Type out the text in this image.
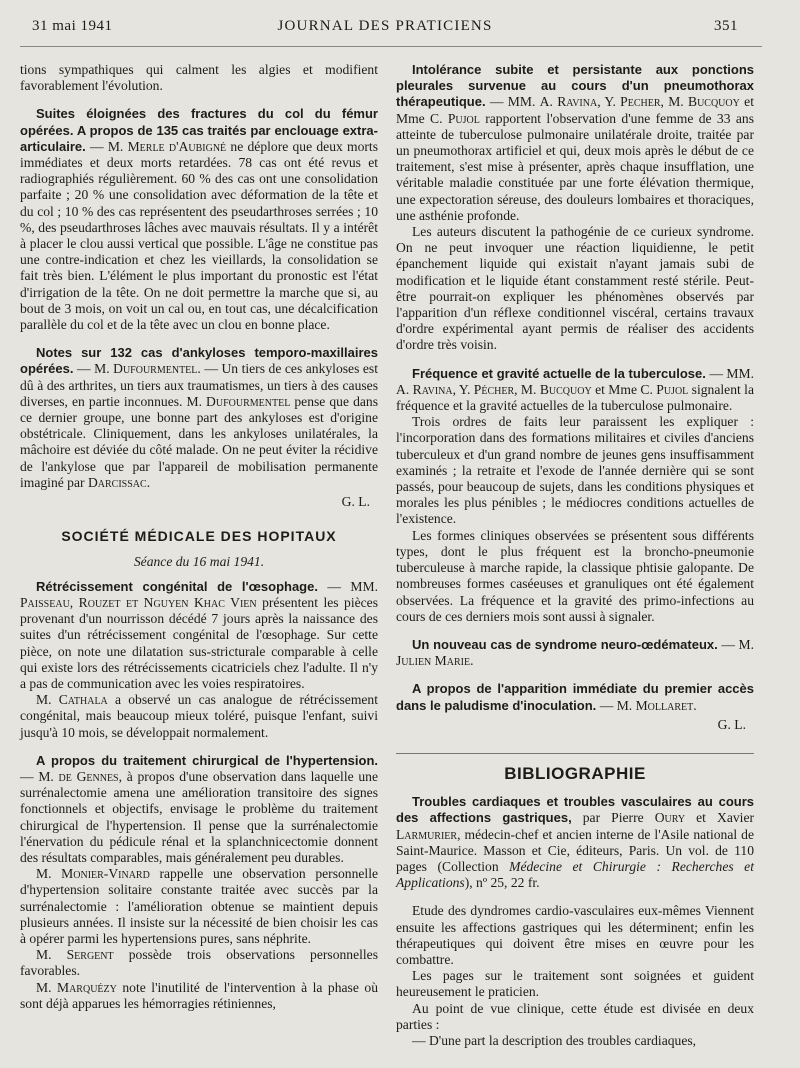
31 mai 1941	JOURNAL DES PRATICIENS	351

tions sympathiques qui calment les algies et modifient favorablement l'évolution.

Suites éloignées des fractures du col du fémur opérées. A propos de 135 cas traités par enclouage extra-articulaire. — M. Merle d'Aubigné ne déplore que deux morts immédiates et deux morts retardées. 78 cas ont été revus et radiographiés régulièrement. 60 % des cas ont une consolidation parfaite ; 20 % une consolidation avec déformation de la tête et du col ; 10 % des cas représentent des pseudarthroses serrées ; 10 %, des pseudarthroses lâches avec mauvais résultats. Il y a intérêt à placer le clou aussi vertical que possible. L'âge ne constitue pas une contre-indication et chez les vieillards, la consolidation se fait très bien. L'élément le plus important du pronostic est l'état d'irrigation de la tête. On ne doit permettre la marche que si, au bout de 3 mois, on voit un cal ou, en tout cas, une décalcification parallèle du col et de la tête avec un clou en bonne place.

Notes sur 132 cas d'ankyloses temporo-maxillaires opérées. — M. Dufourmentel. — Un tiers de ces ankyloses est dû à des arthrites, un tiers aux traumatismes, un tiers à des causes diverses, en partie inconnues. M. Dufourmentel pense que dans ce dernier groupe, une bonne part des ankyloses est d'origine obstétricale. Cliniquement, dans les ankyloses unilatérales, la mâchoire est déviée du côté malade. On ne peut éviter la récidive de l'ankylose que par l'appareil de mobilisation permanente imaginé par Darcissac.

G. L.

SOCIÉTÉ MÉDICALE DES HOPITAUX

Séance du 16 mai 1941.

Rétrécissement congénital de l'œsophage. — MM. Paisseau, Rouzet et Nguyen Khac Vien présentent les pièces provenant d'un nourrisson décédé 7 jours après la naissance des suites d'un rétrécissement congénital de l'œsophage. Sur cette pièce, on note une dilatation sus-stricturale comparable à celle qui existe lors des rétrécissements cicatriciels chez l'adulte. Il n'y a pas de communication avec les voies respiratoires.

M. Cathala a observé un cas analogue de rétrécissement congénital, mais beaucoup mieux toléré, puisque l'enfant, suivi jusqu'à 10 mois, se développait normalement.

A propos du traitement chirurgical de l'hypertension. — M. de Gennes, à propos d'une observation dans laquelle une surrénalectomie amena une amélioration transitoire des signes fonctionnels et objectifs, envisage le problème du traitement chirurgical de l'hypertension. Il pense que la surrénalectomie l'énervation du pédicule rénal et la splanchnicectomie donnent des résultats comparables, mais généralement peu durables.

M. Monier-Vinard rappelle une observation personnelle d'hypertension solitaire constante traitée avec succès par la surrénalectomie : l'amélioration obtenue se maintient depuis plusieurs années. Il insiste sur la nécessité de bien choisir les cas à opérer parmi les hypertensions pures, sans néphrite.

M. Sergent possède trois observations personnelles favorables.

M. Marquézy note l'inutilité de l'intervention à la phase où sont déjà apparues les hémorragies rétiniennes,

Intolérance subite et persistante aux ponctions pleurales survenue au cours d'un pneumothorax thérapeutique. — MM. A. Ravina, Y. Pecher, M. Bucquoy et Mme C. Pujol rapportent l'observation d'une femme de 33 ans atteinte de tuberculose pulmonaire unilatérale droite, traitée par un pneumothorax artificiel et qui, deux mois après le début de ce traitement, s'est mise à présenter, après chaque insufflation, une véritable maladie constituée par une forte élévation thermique, une expectoration séreuse, des douleurs lombaires et thoraciques, une asthénie profonde.

Les auteurs discutent la pathogénie de ce curieux syndrome. On ne peut invoquer une réaction liquidienne, le petit épanchement liquide qui existait n'ayant jamais subi de modification et le liquide étant constamment resté stérile. Peut-être pourrait-on expliquer les phénomènes observés par l'apparition d'un réflexe conditionnel viscéral, certains travaux d'ordre expérimental ayant permis de réaliser des accidents d'ordre très voisin.

Fréquence et gravité actuelle de la tuberculose. — MM. A. Ravina, Y. Pécher, M. Bucquoy et Mme C. Pujol signalent la fréquence et la gravité actuelles de la tuberculose pulmonaire.

Trois ordres de faits leur paraissent les expliquer : l'incorporation dans des formations militaires et civiles d'anciens tuberculeux et d'un grand nombre de jeunes gens insuffisamment examinés ; la retraite et l'exode de l'année dernière qui se sont passés, pour beaucoup de sujets, dans les conditions physiques et morales les plus pénibles ; le médiocres conditions actuelles de l'existence.

Les formes cliniques observées se présentent sous différents types, dont le plus fréquent est la broncho-pneumonie tuberculeuse à marche rapide, la classique phtisie galopante. De nombreuses formes caséeuses et granuliques ont été également observées. La fréquence et la gravité des primo-infections au cours de ces derniers mois sont aussi à signaler.

Un nouveau cas de syndrome neuro-œdémateux. — M. Julien Marie.

A propos de l'apparition immédiate du premier accès dans le paludisme d'inoculation. — M. Mollaret.

G. L.

BIBLIOGRAPHIE

Troubles cardiaques et troubles vasculaires au cours des affections gastriques, par Pierre Oury et Xavier Larmurier, médecin-chef et ancien interne de l'Asile national de Saint-Maurice. Masson et Cie, éditeurs, Paris. Un vol. de 110 pages (Collection Médecine et Chirurgie : Recherches et Applications), nº 25, 22 fr.

Etude des dyndromes cardio-vasculaires eux-mêmes Viennent ensuite les affections gastriques qui les déterminent; enfin les thérapeutiques qui doivent être mises en œuvre pour les combattre.

Les pages sur le traitement sont soignées et guident heureusement le praticien.

Au point de vue clinique, cette étude est divisée en deux parties :

— D'une part la description des troubles cardiaques,
